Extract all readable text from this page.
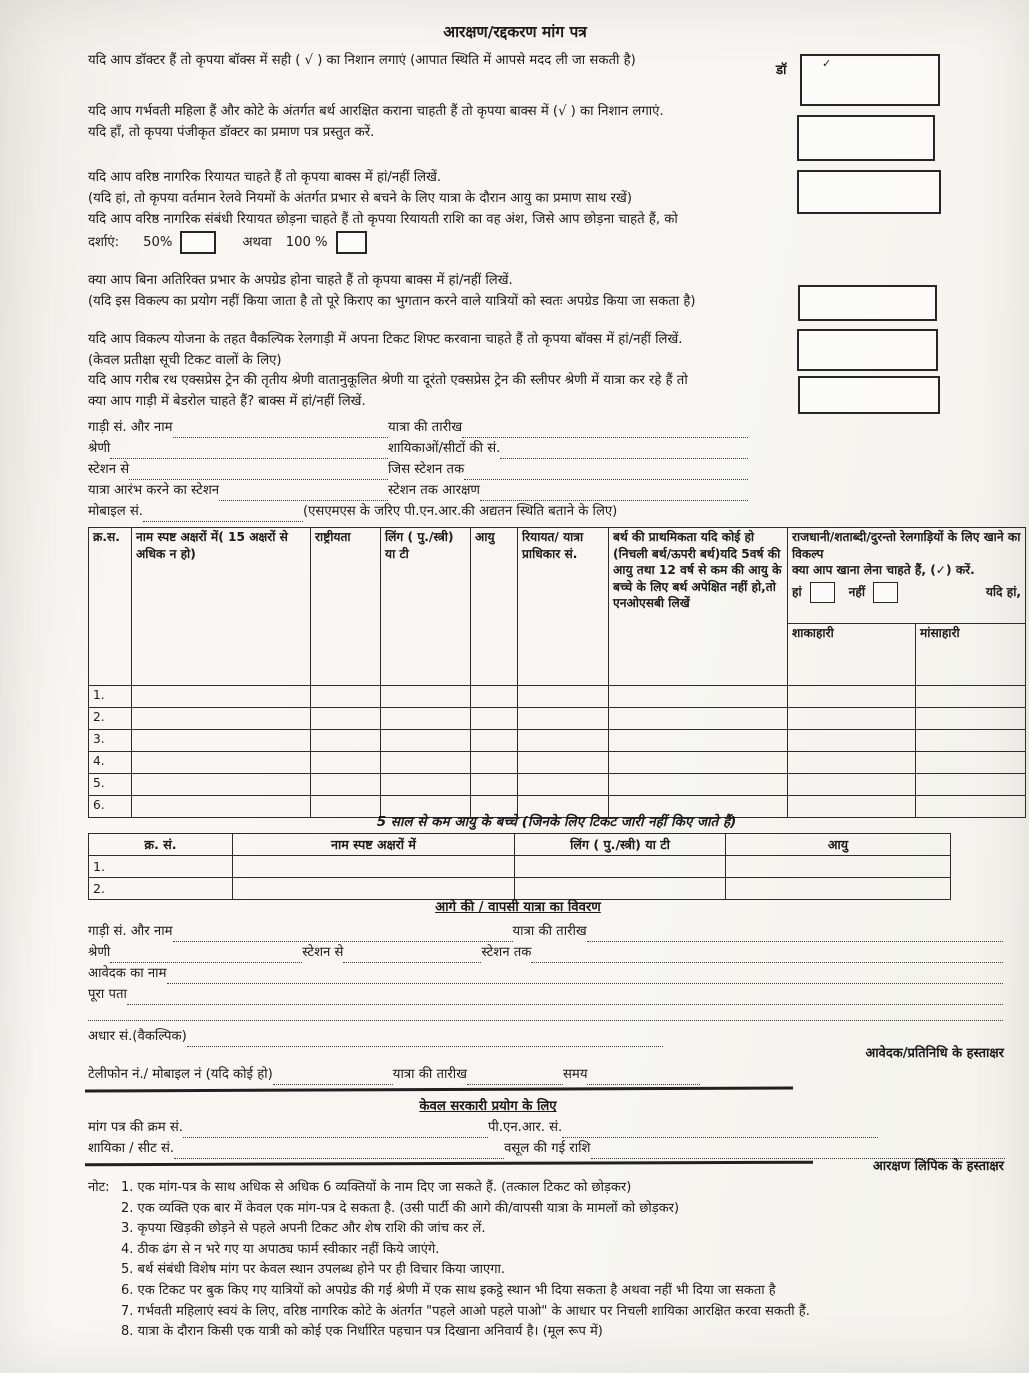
आरक्षण/रद्दकरण मांग पत्र
यदि आप डॉक्टर हैं तो कृपया बॉक्स में सही ( √ ) का निशान लगाएं (आपात स्थिति में आपसे मदद ली जा सकती है)
डॉ	✓
यदि आप गर्भवती महिला हैं और कोटे के अंतर्गत बर्थ आरक्षित कराना चाहती हैं तो कृपया बाक्स में (√ ) का निशान लगाएं.
यदि हाँ, तो कृपया पंजीकृत डॉक्टर का प्रमाण पत्र प्रस्तुत करें.
यदि आप वरिष्ठ नागरिक रियायत चाहते हैं तो कृपया बाक्स में हां/नहीं लिखें.
(यदि हां, तो कृपया वर्तमान रेलवे नियमों के अंतर्गत प्रभार से बचने के लिए यात्रा के दौरान आयु का प्रमाण साथ रखें)
यदि आप वरिष्ठ नागरिक संबंधी रियायत छोड़ना चाहते हैं तो कृपया रियायती राशि का वह अंश, जिसे आप छोड़ना चाहते हैं, को
दर्शाएं: 50%	अथवा 100 %
क्या आप बिना अतिरिक्त प्रभार के अपग्रेड होना चाहते हैं तो कृपया बाक्स में हां/नहीं लिखें.
(यदि इस विकल्प का प्रयोग नहीं किया जाता है तो पूरे किराए का भुगतान करने वाले यात्रियों को स्वतः अपग्रेड किया जा सकता है)
यदि आप विकल्प योजना के तहत वैकल्पिक रेलगाड़ी में अपना टिकट शिफ्ट करवाना चाहते हैं तो कृपया बॉक्स में हां/नहीं लिखें.
(केवल प्रतीक्षा सूची टिकट वालों के लिए)
यदि आप गरीब रथ एक्सप्रेस ट्रेन की तृतीय श्रेणी वातानुकूलित श्रेणी या दूरंतो एक्सप्रेस ट्रेन की स्लीपर श्रेणी में यात्रा कर रहे हैं तो
क्या आप गाड़ी में बेडरोल चाहते हैं? बाक्स में हां/नहीं लिखें.
गाड़ी सं. और नाम	यात्रा की तारीख
श्रेणी	शायिकाओं/सीटों की सं.
स्टेशन से	जिस स्टेशन तक
यात्रा आरंभ करने का स्टेशन	स्टेशन तक आरक्षण
मोबाइल सं.	(एसएमएस के जरिए पी.एन.आर.की अद्यतन स्थिति बताने के लिए)
क्र.स.	नाम स्पष्ट अक्षरों में( 15 अक्षरों से अधिक न हो)	राष्ट्रीयता	लिंग ( पु./स्त्री) या टी	आयु	रियायत/ यात्रा प्राधिकार सं.	बर्थ की प्राथमिकता यदि कोई हो (निचली बर्थ/ऊपरी बर्थ)यदि 5वर्ष की आयु तथा 12 वर्ष से कम की आयु के बच्चे के लिए बर्थ अपेक्षित नहीं हो,तो एनओएसबी लिखें	राजधानी/शताब्दी/दुरन्तो रेलगाड़ियों के लिए खाने का विकल्प
क्या आप खाना लेना चाहते हैं, (✓) करें.
हां नहीं यदि हां,	

							शाकाहारी	मांसाहारी
1.								
2.								
3.								
4.								
5.								
6.								
5 साल से कम आयु के बच्चे (जिनके लिए टिकट जारी नहीं किए जाते हैं)
क्र. सं.	नाम स्पष्ट अक्षरों में	लिंग ( पु./स्त्री) या टी	आयु
1.			
2.			
आगे की / वापसी यात्रा का विवरण
गाड़ी सं. और नाम	यात्रा की तारीख
श्रेणी	स्टेशन से	स्टेशन तक
आवेदक का नाम
पूरा पता
अधार सं.(वैकल्पिक)
आवेदक/प्रतिनिधि के हस्ताक्षर
टेलीफोन नं./ मोबाइल नं (यदि कोई हो)	यात्रा की तारीख	समय
केवल सरकारी प्रयोग के लिए
मांग पत्र की क्रम सं.	पी.एन.आर. सं.
शायिका / सीट सं.	वसूल की गई राशि
आरक्षण लिपिक के हस्ताक्षर
नोट: 1. एक मांग-पत्र के साथ अधिक से अधिक 6 व्यक्तियों के नाम दिए जा सकते हैं. (तत्काल टिकट को छोड़कर)
2. एक व्यक्ति एक बार में केवल एक मांग-पत्र दे सकता है. (उसी पार्टी की आगे की/वापसी यात्रा के मामलों को छोड़कर)
3. कृपया खिड़की छोड़ने से पहले अपनी टिकट और शेष राशि की जांच कर लें.
4. ठीक ढंग से न भरे गए या अपाठ्य फार्म स्वीकार नहीं किये जाएंगे.
5. बर्थ संबंधी विशेष मांग पर केवल स्थान उपलब्ध होने पर ही विचार किया जाएगा.
6. एक टिकट पर बुक किए गए यात्रियों को अपग्रेड की गई श्रेणी में एक साथ इकट्ठे स्थान भी दिया सकता है अथवा नहीं भी दिया जा सकता है
7. गर्भवती महिलाएं स्वयं के लिए, वरिष्ठ नागरिक कोटे के अंतर्गत "पहले आओ पहले पाओ" के आधार पर निचली शायिका आरक्षित करवा सकती हैं.
8. यात्रा के दौरान किसी एक यात्री को कोई एक निर्धारित पहचान पत्र दिखाना अनिवार्य है। (मूल रूप में)
